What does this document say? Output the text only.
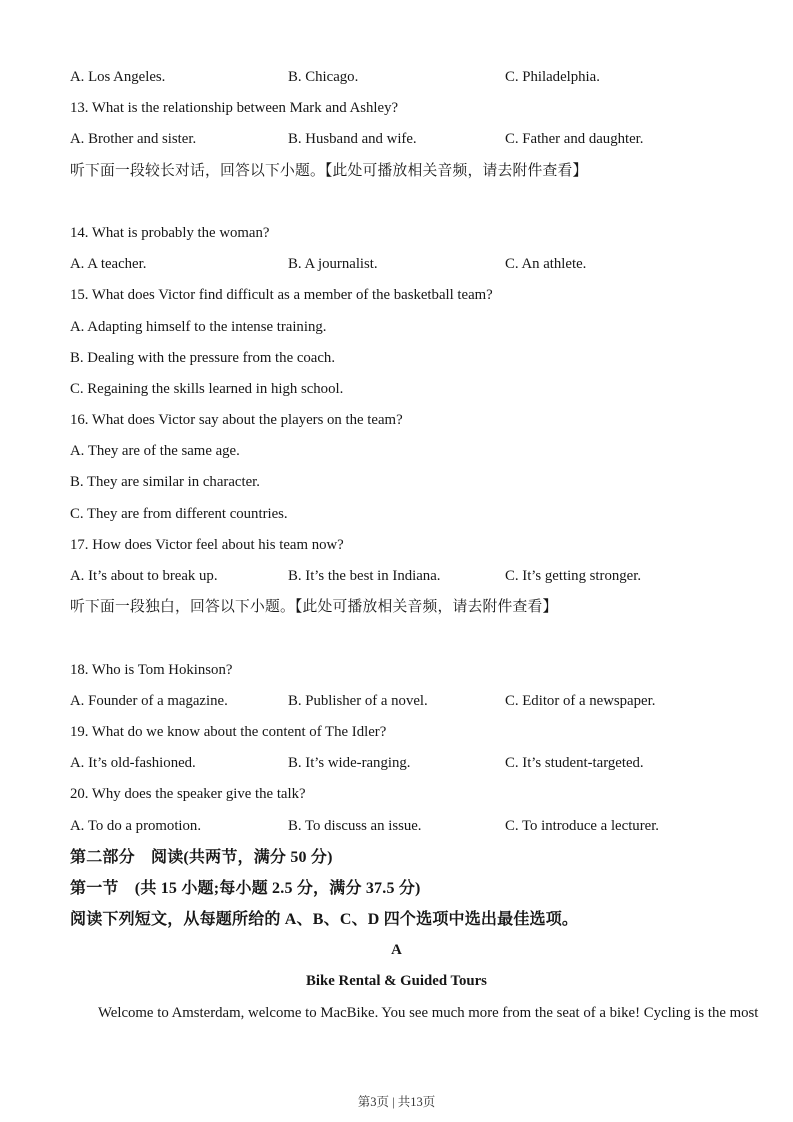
A. Los Angeles.	B. Chicago.	C. Philadelphia.
13. What is the relationship between Mark and Ashley?
A. Brother and sister.	B. Husband and wife.	C. Father and daughter.
听下面一段较长对话，回答以下小题。【此处可播放相关音频，请去附件查看】
14. What is probably the woman?
A. A teacher.	B. A journalist.	C. An athlete.
15. What does Victor find difficult as a member of the basketball team?
A. Adapting himself to the intense training.
B. Dealing with the pressure from the coach.
C. Regaining the skills learned in high school.
16. What does Victor say about the players on the team?
A. They are of the same age.
B. They are similar in character.
C. They are from different countries.
17. How does Victor feel about his team now?
A. It’s about to break up.	B. It’s the best in Indiana.	C. It’s getting stronger.
听下面一段独白，回答以下小题。【此处可播放相关音频，请去附件查看】
18. Who is Tom Hokinson?
A. Founder of a magazine.	B. Publisher of a novel.	C. Editor of a newspaper.
19. What do we know about the content of The Idler?
A. It’s old-fashioned.	B. It’s wide-ranging.	C. It’s student-targeted.
20. Why does the speaker give the talk?
A. To do a promotion.	B. To discuss an issue.	C. To introduce a lecturer.
第二部分　阅读(共两节，满分 50 分)
第一节　(共 15 小题;每小题 2.5 分，满分 37.5 分)
阅读下列短文，从每题所给的 A、B、C、D 四个选项中选出最佳选项。
A
Bike Rental & Guided Tours
Welcome to Amsterdam, welcome to MacBike. You see much more from the seat of a bike! Cycling is the most
第3页 | 共13页
